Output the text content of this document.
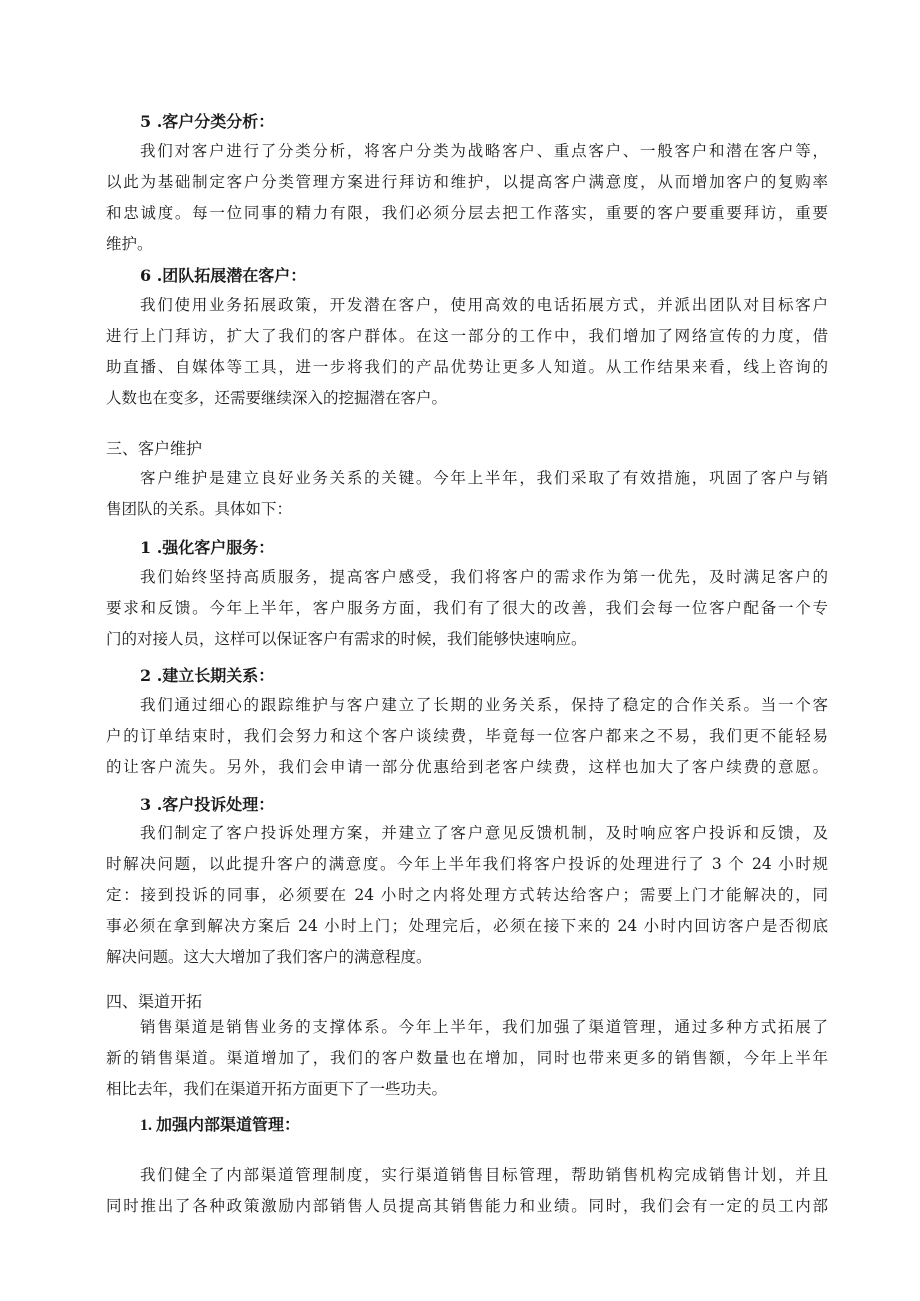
5 .客户分类分析：

我们对客户进行了分类分析，将客户分类为战略客户、重点客户、一般客户和潜在客户等，

以此为基础制定客户分类管理方案进行拜访和维护，以提高客户满意度，从而增加客户的复购率

和忠诚度。每一位同事的精力有限，我们必须分层去把工作落实，重要的客户要重要拜访，重要

维护。

6 .团队拓展潜在客户：

我们使用业务拓展政策，开发潜在客户，使用高效的电话拓展方式，并派出团队对目标客户

进行上门拜访，扩大了我们的客户群体。在这一部分的工作中，我们增加了网络宣传的力度，借

助直播、自媒体等工具，进一步将我们的产品优势让更多人知道。从工作结果来看，线上咨询的

人数也在变多，还需要继续深入的挖掘潜在客户。

三、客户维护

客户维护是建立良好业务关系的关键。今年上半年，我们采取了有效措施，巩固了客户与销

售团队的关系。具体如下：

1 .强化客户服务：

我们始终坚持高质服务，提高客户感受，我们将客户的需求作为第一优先，及时满足客户的

要求和反馈。今年上半年，客户服务方面，我们有了很大的改善，我们会每一位客户配备一个专

门的对接人员，这样可以保证客户有需求的时候，我们能够快速响应。

2 .建立长期关系：

我们通过细心的跟踪维护与客户建立了长期的业务关系，保持了稳定的合作关系。当一个客

户的订单结束时，我们会努力和这个客户谈续费，毕竟每一位客户都来之不易，我们更不能轻易

的让客户流失。另外，我们会申请一部分优惠给到老客户续费，这样也加大了客户续费的意愿。

3 .客户投诉处理：

我们制定了客户投诉处理方案，并建立了客户意见反馈机制，及时响应客户投诉和反馈，及

时解决问题，以此提升客户的满意度。今年上半年我们将客户投诉的处理进行了 3 个 24 小时规

定：接到投诉的同事，必须要在 24 小时之内将处理方式转达给客户；需要上门才能解决的，同

事必须在拿到解决方案后 24 小时上门；处理完后，必须在接下来的 24 小时内回访客户是否彻底

解决问题。这大大增加了我们客户的满意程度。

四、渠道开拓

销售渠道是销售业务的支撑体系。今年上半年，我们加强了渠道管理，通过多种方式拓展了

新的销售渠道。渠道增加了，我们的客户数量也在增加，同时也带来更多的销售额，今年上半年

相比去年，我们在渠道开拓方面更下了一些功夫。

1. 加强内部渠道管理：

我们健全了内部渠道管理制度，实行渠道销售目标管理，帮助销售机构完成销售计划，并且

同时推出了各种政策激励内部销售人员提高其销售能力和业绩。同时，我们会有一定的员工内部
